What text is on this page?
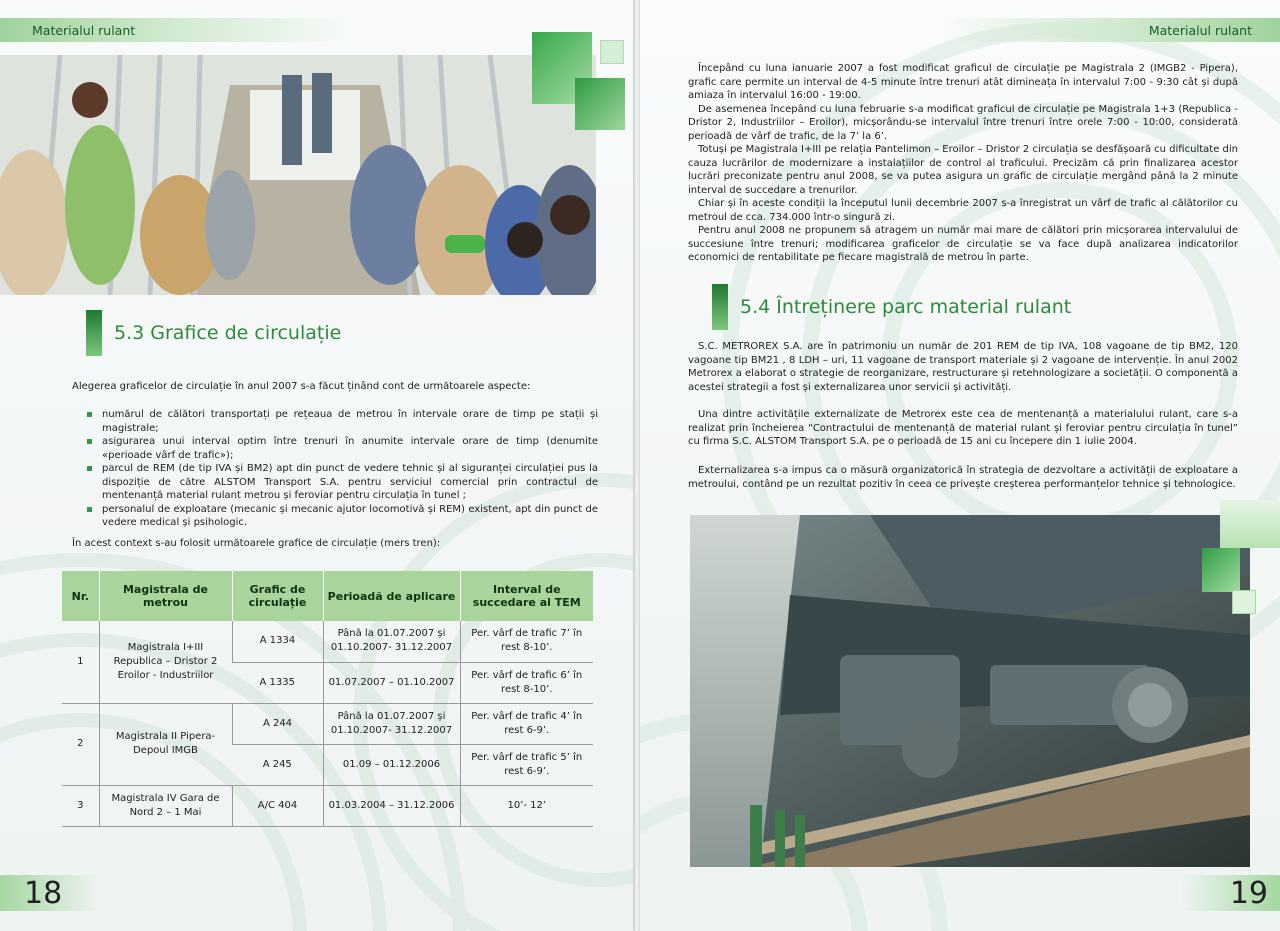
Materialul rulant
5.3 Grafice de circulație
Alegerea graficelor de circulație în anul 2007 s-a făcut ținând cont de următoarele aspecte:
numărul de călători transportați pe rețeaua de metrou în intervale orare de timp pe stații și magistrale;
asigurarea unui interval optim între trenuri în anumite intervale orare de timp (denumite «perioade vârf de trafic»);
parcul de REM (de tip IVA și BM2) apt din punct de vedere tehnic și al siguranței circulației pus la dispoziție de către ALSTOM Transport S.A. pentru serviciul comercial prin contractul de mentenanță material rulant metrou și feroviar pentru circulația în tunel ;
personalul de exploatare (mecanic și mecanic ajutor locomotivă și REM) existent, apt din punct de vedere medical și psihologic.
În acest context s-au folosit următoarele grafice de circulație (mers tren):
Nr.	Magistrala de metrou	Grafic de circulație	Perioadă de aplicare	Interval de succedare al TEM
1	Magistrala I+III Republica – Dristor 2 Eroilor - Industriilor	A 1334	Până la 01.07.2007 și 01.10.2007- 31.12.2007	Per. vârf de trafic 7’ în rest 8-10’.
		A 1335	01.07.2007 – 01.10.2007	Per. vârf de trafic 6’ în rest 8-10’.
2	Magistrala II Pipera- Depoul IMGB	A 244	Până la 01.07.2007 și 01.10.2007- 31.12.2007	Per. vârf de trafic 4’ în rest 6-9’.
		A 245	01.09 – 01.12.2006	Per. vârf de trafic 5’ în rest 6-9’.
3	Magistrala IV Gara de Nord 2 – 1 Mai	A/C 404	01.03.2004 – 31.12.2006	10’- 12’
18
Materialul rulant
Începând cu luna ianuarie 2007 a fost modificat graficul de circulație pe Magistrala 2 (IMGB2 - Pipera), grafic care permite un interval de 4-5 minute între trenuri atât dimineața în intervalul 7:00 - 9:30 cât și după amiaza în intervalul 16:00 - 19:00.
De asemenea începând cu luna februarie s-a modificat graficul de circulație pe Magistrala 1+3 (Republica - Dristor 2, Industriilor – Eroilor), micșorându-se intervalul între trenuri între orele 7:00 - 10:00, considerată perioadă de vârf de trafic, de la 7’ la 6’.
Totuși pe Magistrala I+III pe relația Pantelimon – Eroilor – Dristor 2 circulația se desfășoară cu dificultate din cauza lucrărilor de modernizare a instalațiilor de control al traficului. Precizăm că prin finalizarea acestor lucrări preconizate pentru anul 2008, se va putea asigura un grafic de circulație mergând până la 2 minute interval de succedare a trenurilor.
Chiar și în aceste condiții la începutul lunii decembrie 2007 s-a înregistrat un vârf de trafic al călătorilor cu metroul de cca. 734.000 într-o singură zi.
Pentru anul 2008 ne propunem să atragem un număr mai mare de călători prin micșorarea intervalului de succesiune între trenuri; modificarea graficelor de circulație se va face după analizarea indicatorilor economici de rentabilitate pe fiecare magistrală de metrou în parte.
5.4 Întreținere parc material rulant
S.C. METROREX S.A. are în patrimoniu un număr de 201 REM de tip IVA, 108 vagoane de tip BM2, 120 vagoane tip BM21 , 8 LDH – uri, 11 vagoane de transport materiale și 2 vagoane de intervenție. În anul 2002 Metrorex a elaborat o strategie de reorganizare, restructurare și retehnologizare a societății. O componentă a acestei strategii a fost și externalizarea unor servicii și activități.
Una dintre activitățile externalizate de Metrorex este cea de mentenanță a materialului rulant, care s-a realizat prin încheierea “Contractului de mentenanță de material rulant și feroviar pentru circulația în tunel” cu firma S.C. ALSTOM Transport S.A. pe o perioadă de 15 ani cu începere din 1 iulie 2004.
Externalizarea s-a impus ca o măsură organizatorică în strategia de dezvoltare a activității de exploatare a metroului, contând pe un rezultat pozitiv în ceea ce privește creșterea performanțelor tehnice și tehnologice.
19
